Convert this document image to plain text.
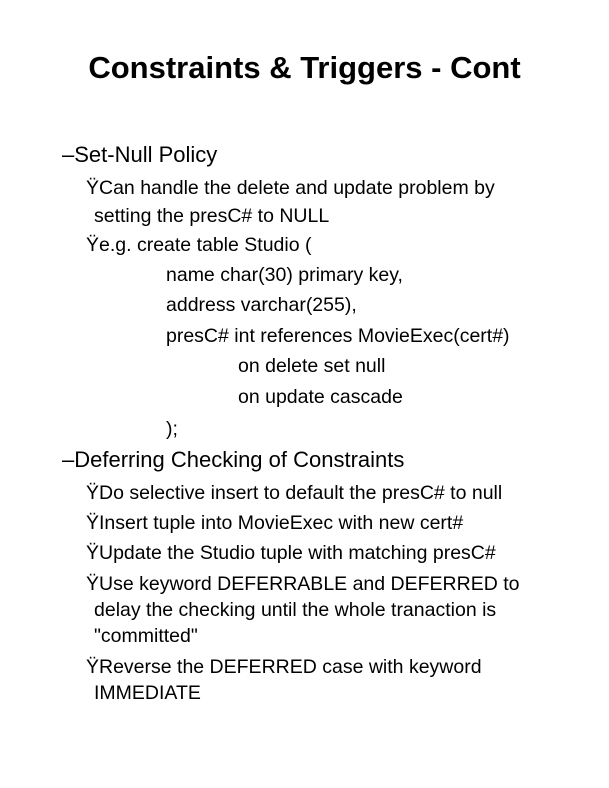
Constraints & Triggers - Cont
–Set-Null Policy
ŸCan handle the delete and update problem by
setting the presC# to NULL
Ÿe.g. create table Studio (
name char(30) primary key,
address varchar(255),
presC# int references MovieExec(cert#)
on delete set null
on update cascade
);
–Deferring Checking of Constraints
ŸDo selective insert to default the presC# to null
ŸInsert tuple into MovieExec with new cert#
ŸUpdate the Studio tuple with matching presC#
ŸUse keyword DEFERRABLE and DEFERRED to
delay the checking until the whole tranaction is
"committed"
ŸReverse the DEFERRED case with keyword
IMMEDIATE
